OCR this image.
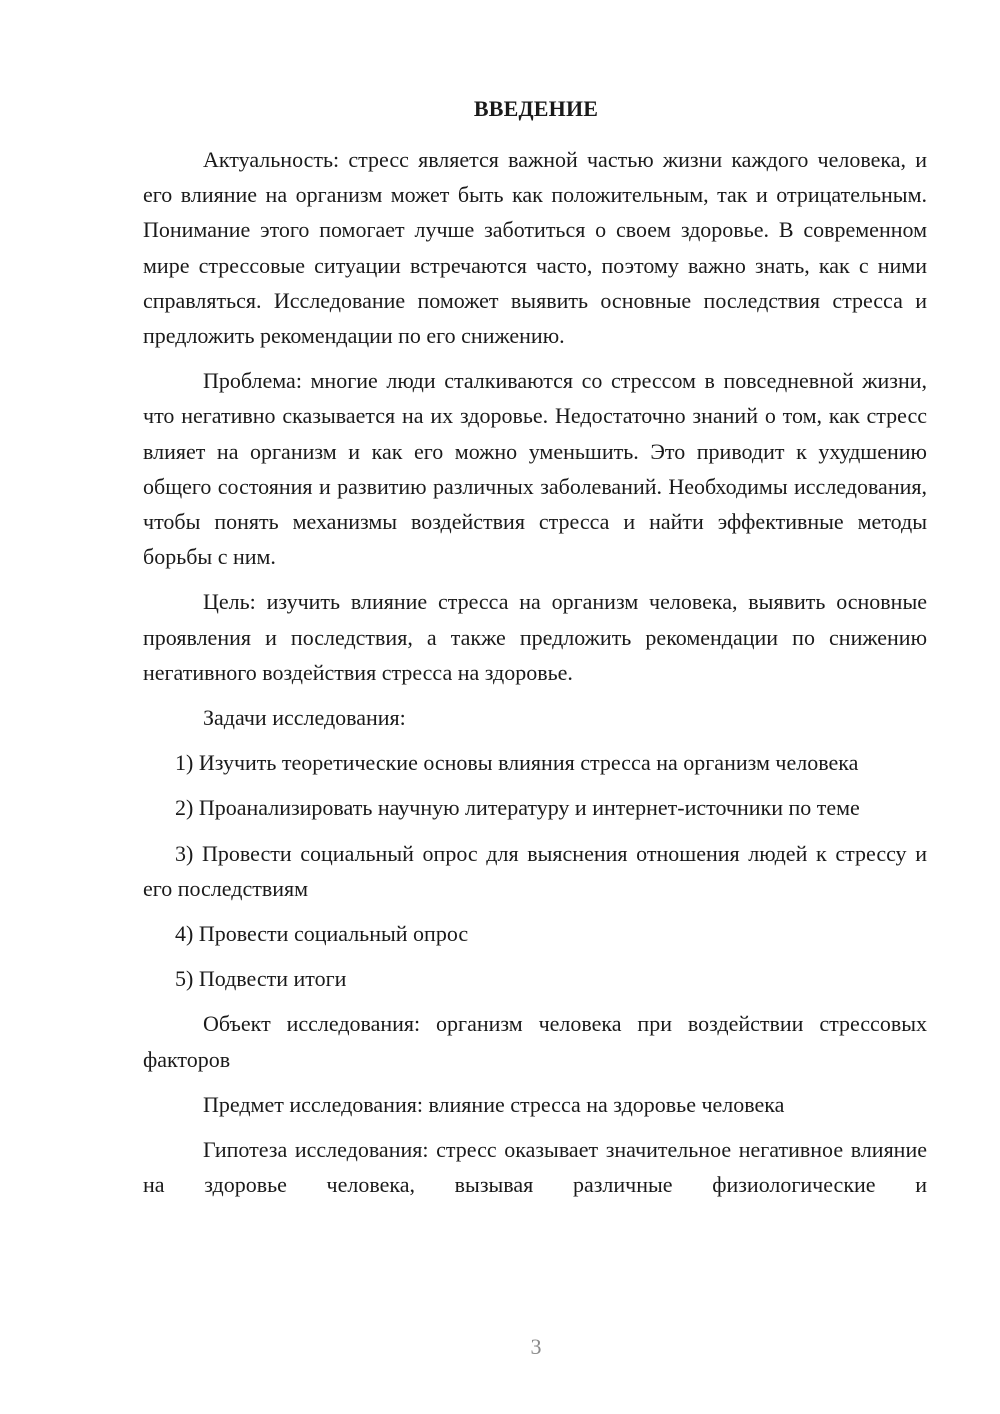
ВВЕДЕНИЕ

Актуальность: стресс является важной частью жизни каждого человека, и его влияние на организм может быть как положительным, так и отрицательным. Понимание этого помогает лучше заботиться о своем здоровье. В современном мире стрессовые ситуации встречаются часто, поэтому важно знать, как с ними справляться. Исследование поможет выявить основные последствия стресса и предложить рекомендации по его снижению.

Проблема: многие люди сталкиваются со стрессом в повседневной жизни, что негативно сказывается на их здоровье. Недостаточно знаний о том, как стресс влияет на организм и как его можно уменьшить. Это приводит к ухудшению общего состояния и развитию различных заболеваний. Необходимы исследования, чтобы понять механизмы воздействия стресса и найти эффективные методы борьбы с ним.

Цель: изучить влияние стресса на организм человека, выявить основные проявления и последствия, а также предложить рекомендации по снижению негативного воздействия стресса на здоровье.

Задачи исследования:

1) Изучить теоретические основы влияния стресса на организм человека

2) Проанализировать научную литературу и интернет-источники по теме

3) Провести социальный опрос для выяснения отношения людей к стрессу и его последствиям

4) Провести социальный опрос

5) Подвести итоги

Объект исследования: организм человека при воздействии стрессовых факторов

Предмет исследования: влияние стресса на здоровье человека

Гипотеза исследования: стресс оказывает значительное негативное влияние на здоровье человека, вызывая различные физиологические и

3
